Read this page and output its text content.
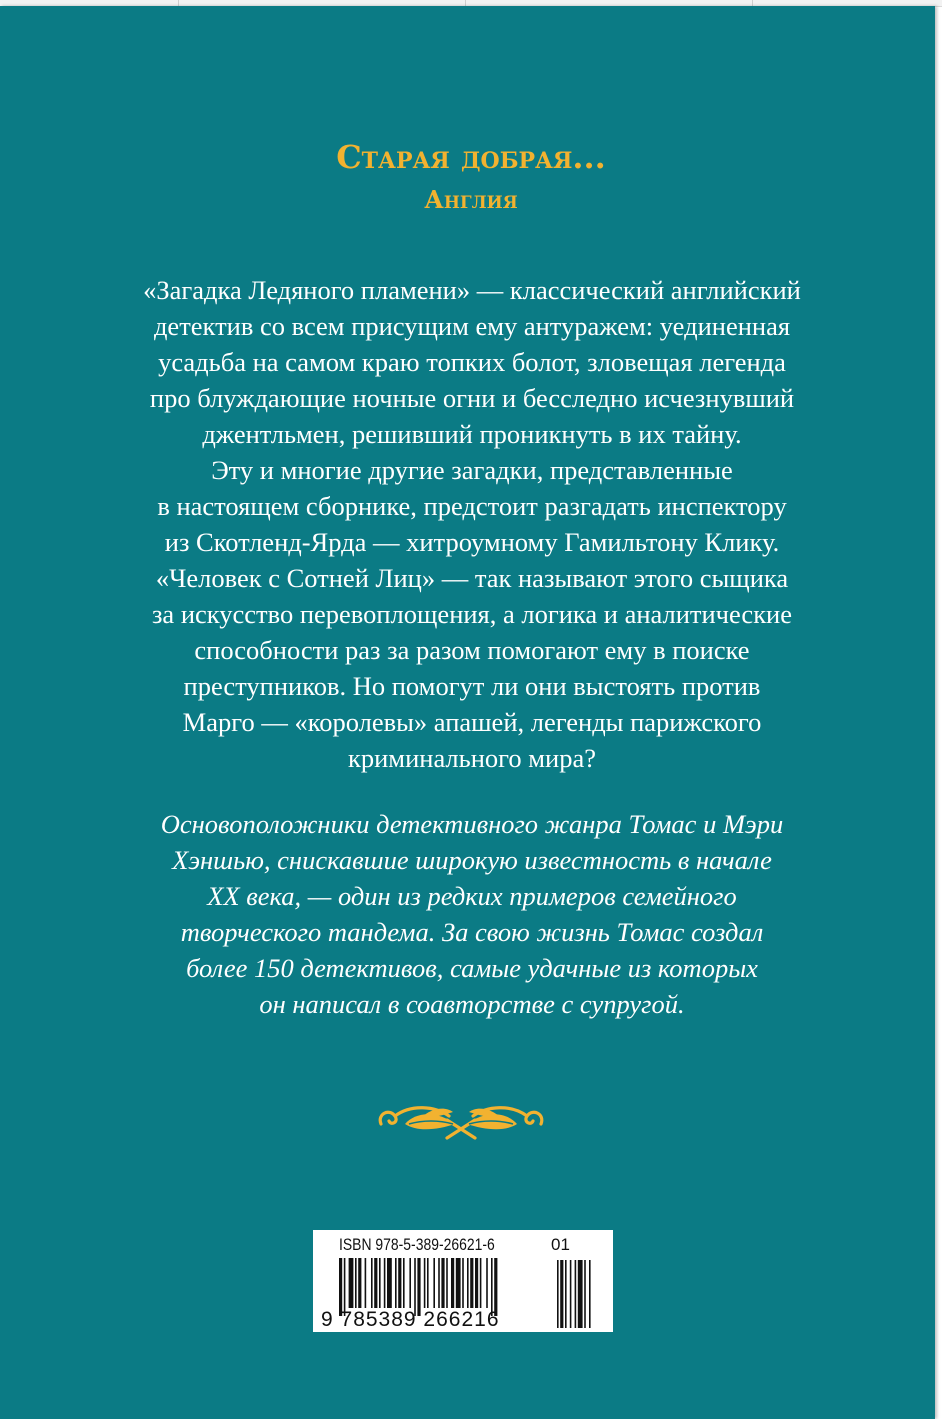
Старая добрая...
Англия
«Загадка Ледяного пламени» — классический английский
детектив со всем присущим ему антуражем: уединенная
усадьба на самом краю топких болот, зловещая легенда
про блуждающие ночные огни и бесследно исчезнувший
джентльмен, решивший проникнуть в их тайну.
Эту и многие другие загадки, представленные
в настоящем сборнике, предстоит разгадать инспектору
из Скотленд-Ярда — хитроумному Гамильтону Клику.
«Человек с Сотней Лиц» — так называют этого сыщика
за искусство перевоплощения, а логика и аналитические
способности раз за разом помогают ему в поиске
преступников. Но помогут ли они выстоять против
Марго — «королевы» апашей, легенды парижского
криминального мира?
Основоположники детективного жанра Томас и Мэри
Хэншью, снискавшие широкую известность в начале
XX века, — один из редких примеров семейного
творческого тандема. За свою жизнь Томас создал
более 150 детективов, самые удачные из которых
он написал в соавторстве с супругой.
ISBN 978-5-389-26621-6	01
9 785389 266216
